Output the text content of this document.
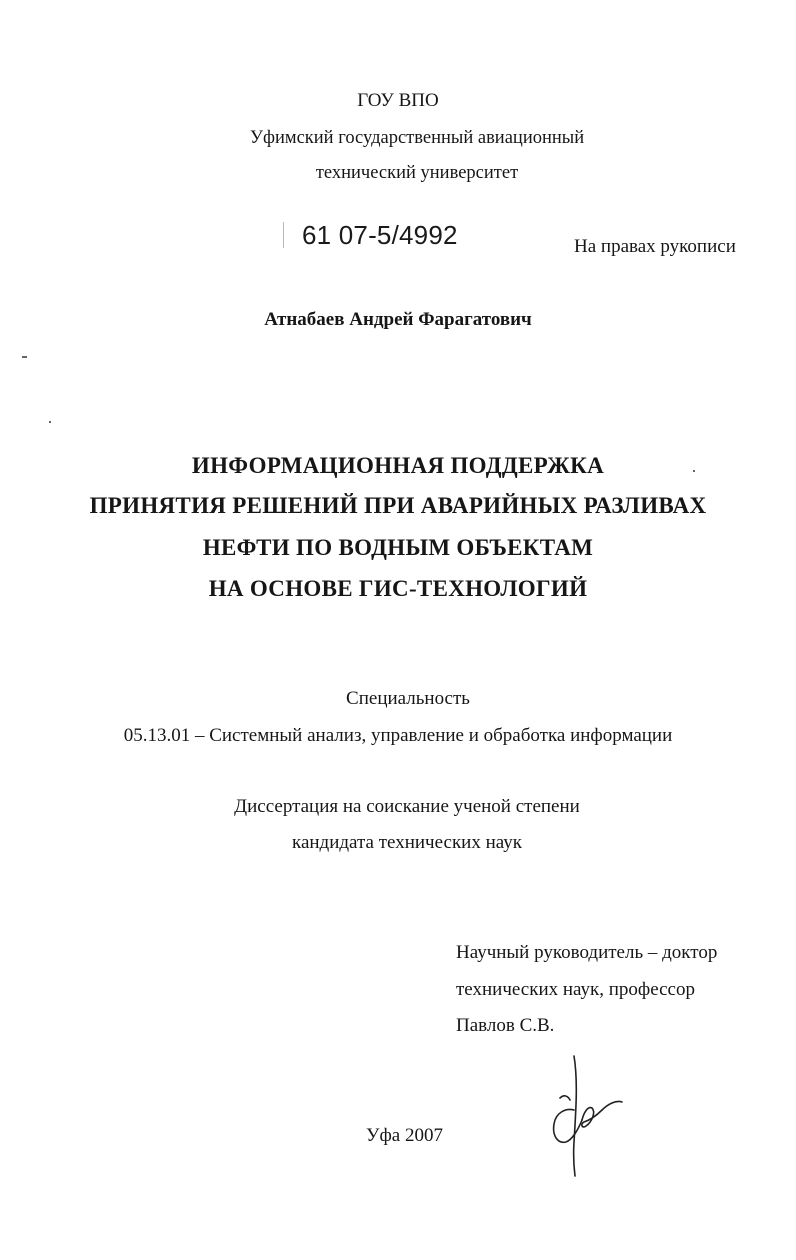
ГОУ ВПО
Уфимский государственный авиационный
технический университет
61 07-5/4992	На правах рукописи
Атнабаев Андрей Фарагатович
ИНФОРМАЦИОННАЯ ПОДДЕРЖКА
ПРИНЯТИЯ РЕШЕНИЙ ПРИ АВАРИЙНЫХ РАЗЛИВАХ
НЕФТИ ПО ВОДНЫМ ОБЪЕКТАМ
НА ОСНОВЕ ГИС-ТЕХНОЛОГИЙ
Специальность
05.13.01 – Системный анализ, управление и обработка информации
Диссертация на соискание ученой степени
кандидата технических наук
Научный руководитель – доктор
технических наук, профессор
Павлов С.В.
Уфа 2007
